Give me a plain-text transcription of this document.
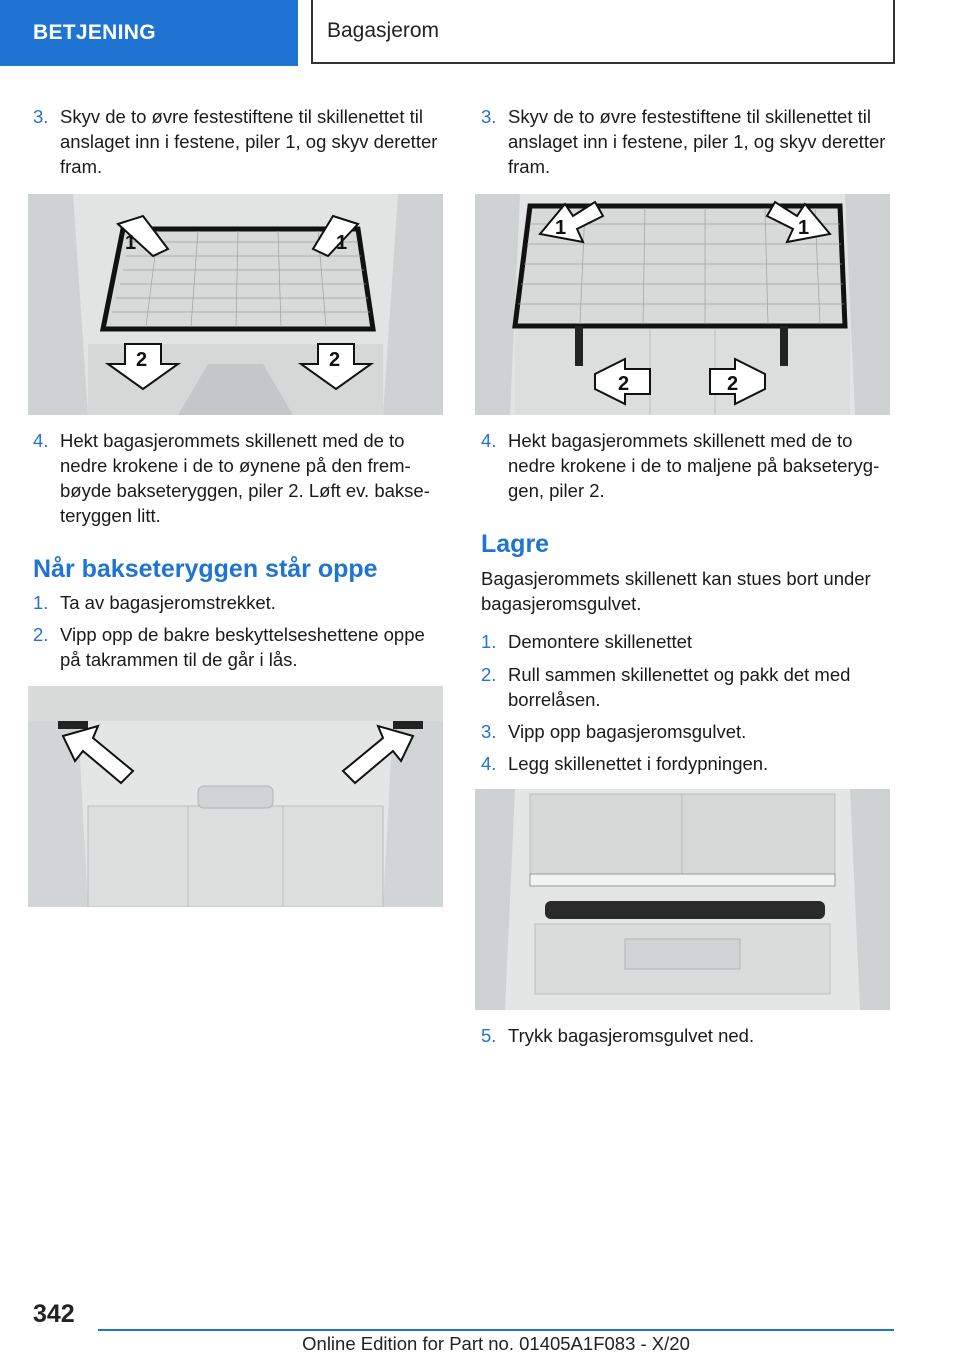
BETJENING	Bagasjerom
3. Skyv de to øvre festestiftene til skillenettet til anslaget inn i festene, piler 1, og skyv deretter fram.
1	1
2	2
4. Hekt bagasjerommets skillenett med de to nedre krokene i de to øynene på den frembøyde bakseteryggen, piler 2. Løft ev. bakseteryggen litt.
Når bakseteryggen står oppe
1. Ta av bagasjeromstrekket.
2. Vipp opp de bakre beskyttelseshettene oppe på takrammen til de går i lås.
3. Skyv de to øvre festestiftene til skillenettet til anslaget inn i festene, piler 1, og skyv deretter fram.
1	1
2	2
4. Hekt bagasjerommets skillenett med de to nedre krokene i de to maljene på bakseteryggen, piler 2.
Lagre
Bagasjerommets skillenett kan stues bort under bagasjeromsgulvet.
1. Demontere skillenettet
2. Rull sammen skillenettet og pakk det med borrelåsen.
3. Vipp opp bagasjeromsgulvet.
4. Legg skillenettet i fordypningen.
5. Trykk bagasjeromsgulvet ned.
342
Online Edition for Part no. 01405A1F083 - X/20
